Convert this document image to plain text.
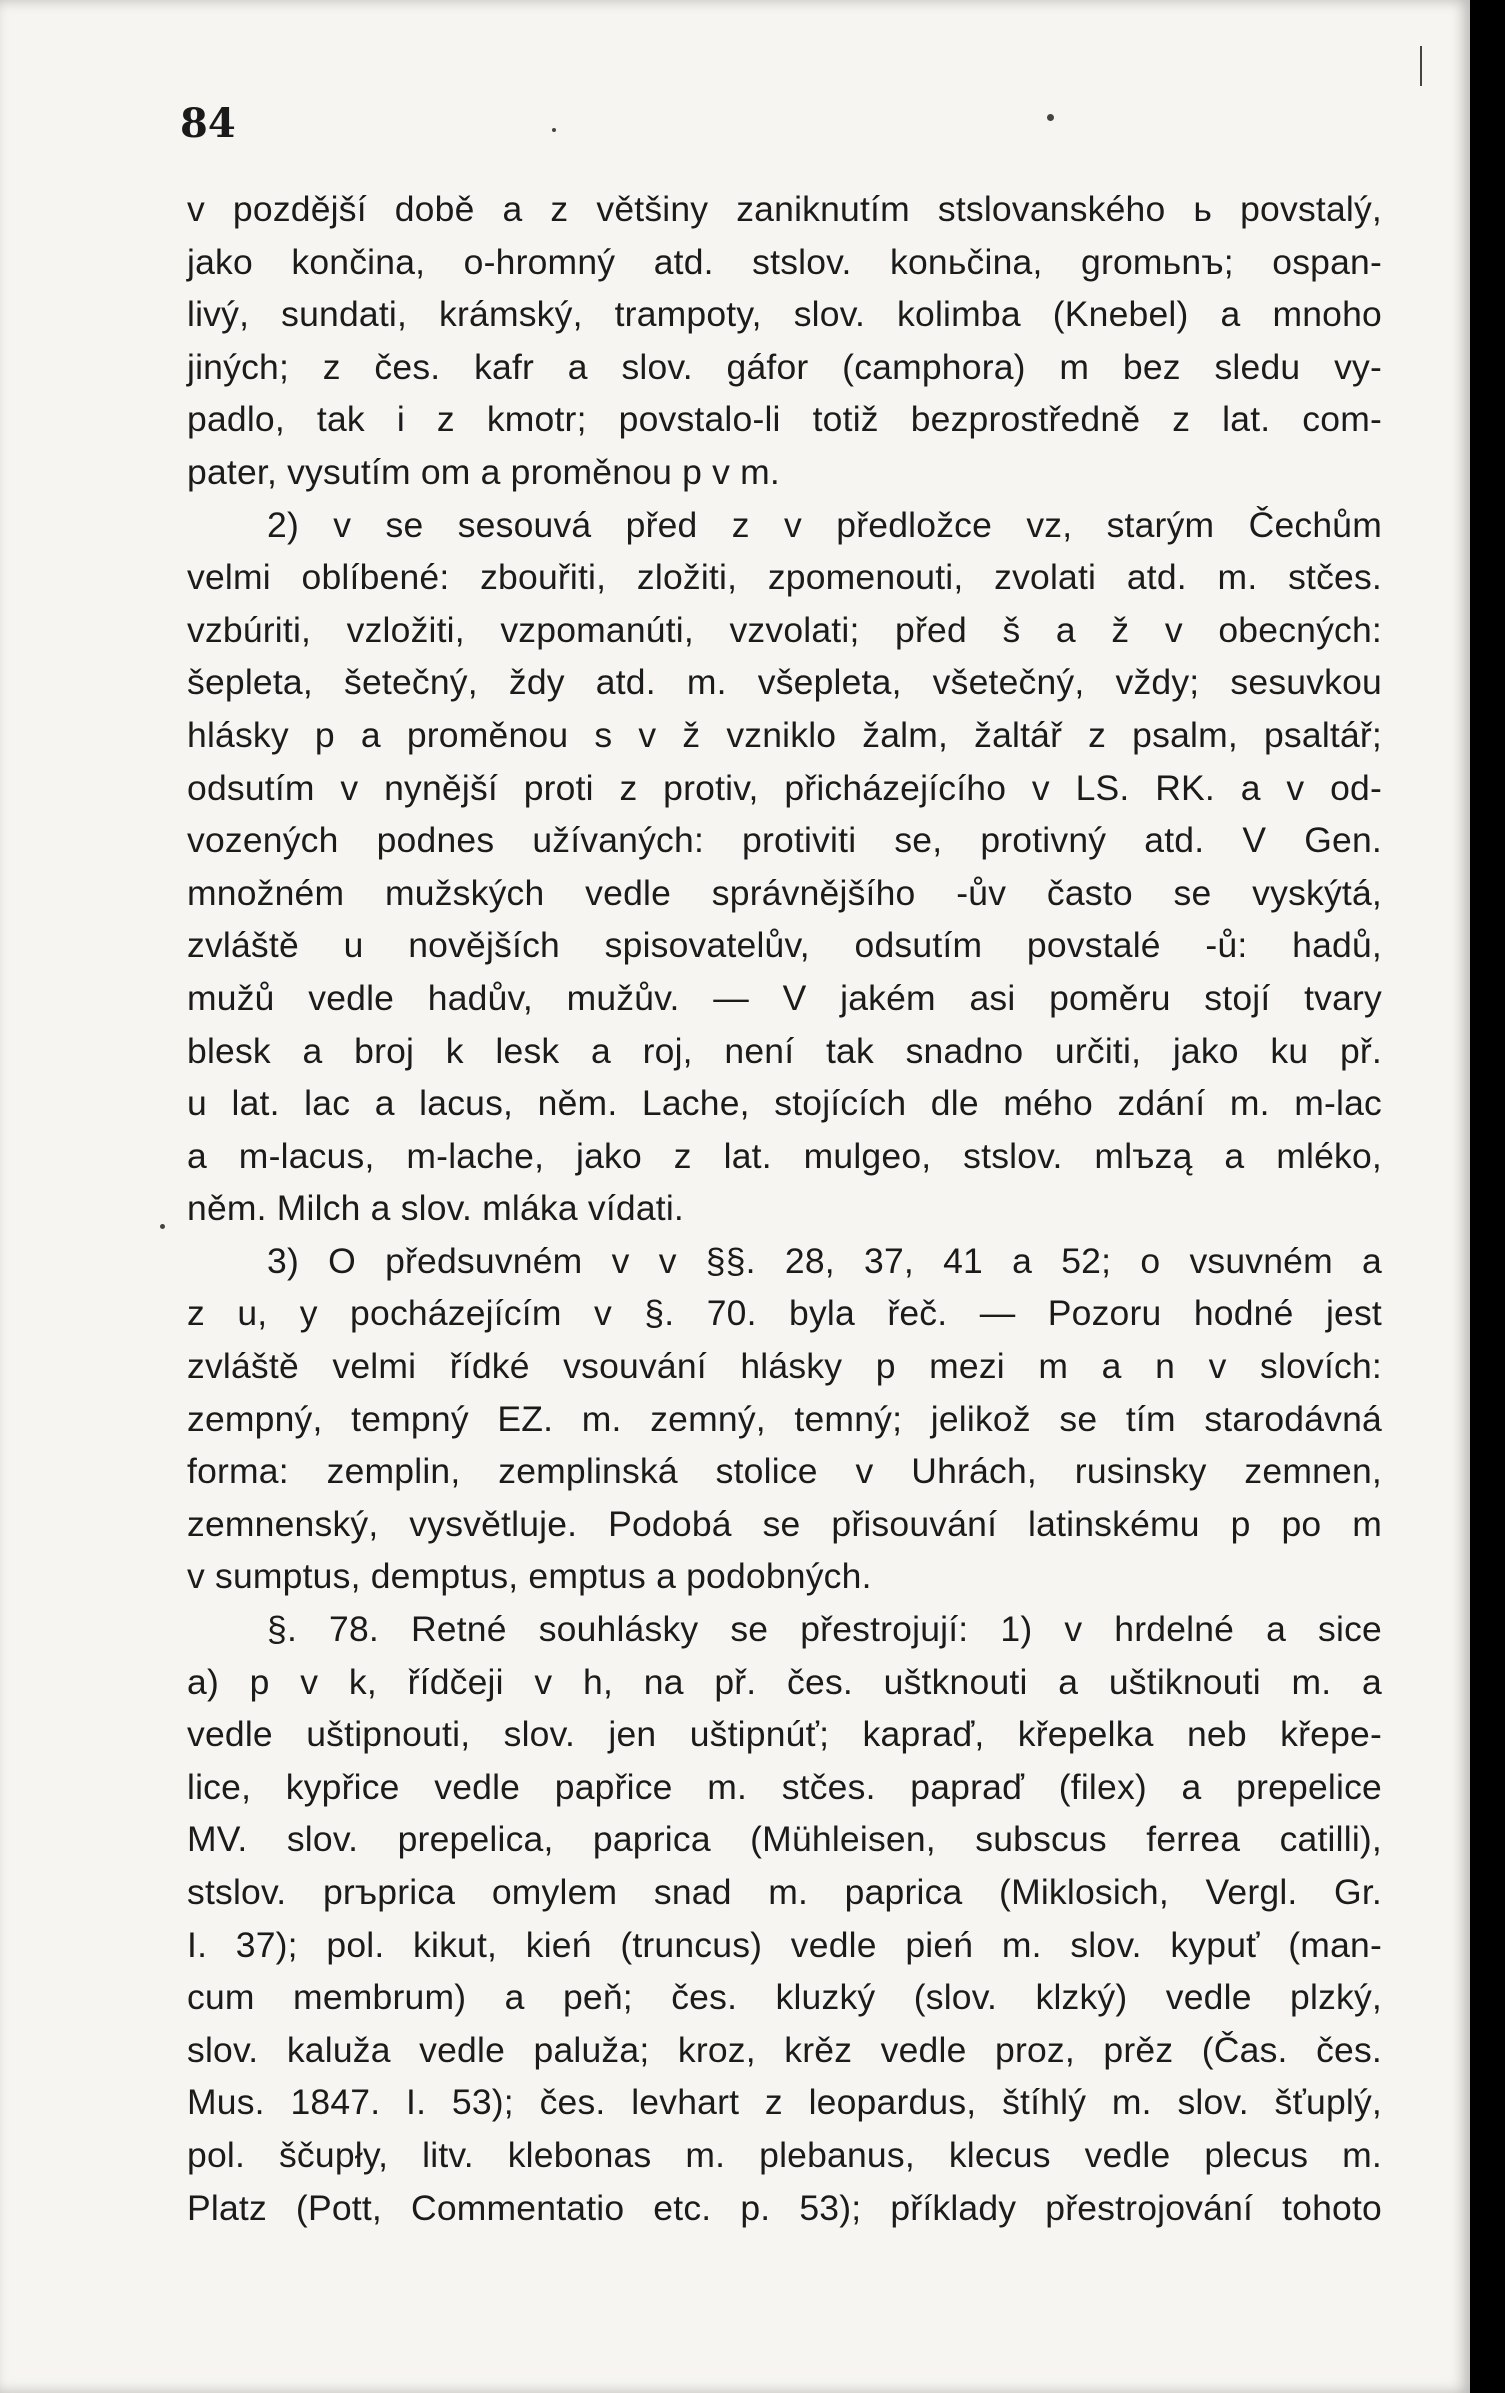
84
v pozdější době a z většiny zaniknutím stslovanského ь povstalý,
jako končina, o-hromný atd. stslov. konьčina, gromьnъ; ospan-
livý, sundati, krámský, trampoty, slov. kolimba (Knebel) a mnoho
jiných; z čes. kafr a slov. gáfor (camphora) m bez sledu vy-
padlo, tak i z kmotr; povstalo-li totiž bezprostředně z lat. com-
pater, vysutím om a proměnou p v m.
2) v se sesouvá před z v předložce vz, starým Čechům
velmi oblíbené: zbouřiti, zložiti, zpomenouti, zvolati atd. m. stčes.
vzbúriti, vzložiti, vzpomanúti, vzvolati; před š a ž v obecných:
šepleta, šetečný, ždy atd. m. všepleta, všetečný, vždy; sesuvkou
hlásky p a proměnou s v ž vzniklo žalm, žaltář z psalm, psaltář;
odsutím v nynější proti z protiv, přicházejícího v LS. RK. a v od-
vozených podnes užívaných: protiviti se, protivný atd. V Gen.
množném mužských vedle správnějšího -ův často se vyskýtá,
zvláště u novějších spisovatelův, odsutím povstalé -ů: hadů,
mužů vedle hadův, mužův. — V jakém asi poměru stojí tvary
blesk a broj k lesk a roj, není tak snadno určiti, jako ku př.
u lat. lac a lacus, něm. Lache, stojících dle mého zdání m. m-lac
a m-lacus, m-lache, jako z lat. mulgeo, stslov. mlъzą a mléko,
něm. Milch a slov. mláka vídati.
3) O předsuvném v v §§. 28, 37, 41 a 52; o vsuvném a
z u, y pocházejícím v §. 70. byla řeč. — Pozoru hodné jest
zvláště velmi řídké vsouvání hlásky p mezi m a n v slovích:
zempný, tempný EZ. m. zemný, temný; jelikož se tím starodávná
forma: zemplin, zemplinská stolice v Uhrách, rusinsky zemnen,
zemnenský, vysvětluje. Podobá se přisouvání latinskému p po m
v sumptus, demptus, emptus a podobných.
§. 78. Retné souhlásky se přestrojují: 1) v hrdelné a sice
a) p v k, řídčeji v h, na př. čes. uštknouti a uštiknouti m. a
vedle uštipnouti, slov. jen uštipnúť; kapraď, křepelka neb křepe-
lice, kypřice vedle papřice m. stčes. papraď (filex) a prepelice
MV. slov. prepelica, paprica (Mühleisen, subscus ferrea catilli),
stslov. prъprica omylem snad m. paprica (Miklosich, Vergl. Gr.
I. 37); pol. kikut, kień (truncus) vedle pień m. slov. kypuť (man-
cum membrum) a peň; čes. kluzký (slov. klzký) vedle plzký,
slov. kaluža vedle paluža; kroz, krěz vedle proz, prěz (Čas. čes.
Mus. 1847. I. 53); čes. levhart z leopardus, štíhlý m. slov. šťuplý,
pol. ščupły, litv. klebonas m. plebanus, klecus vedle plecus m.
Platz (Pott, Commentatio etc. p. 53); příklady přestrojování tohoto
